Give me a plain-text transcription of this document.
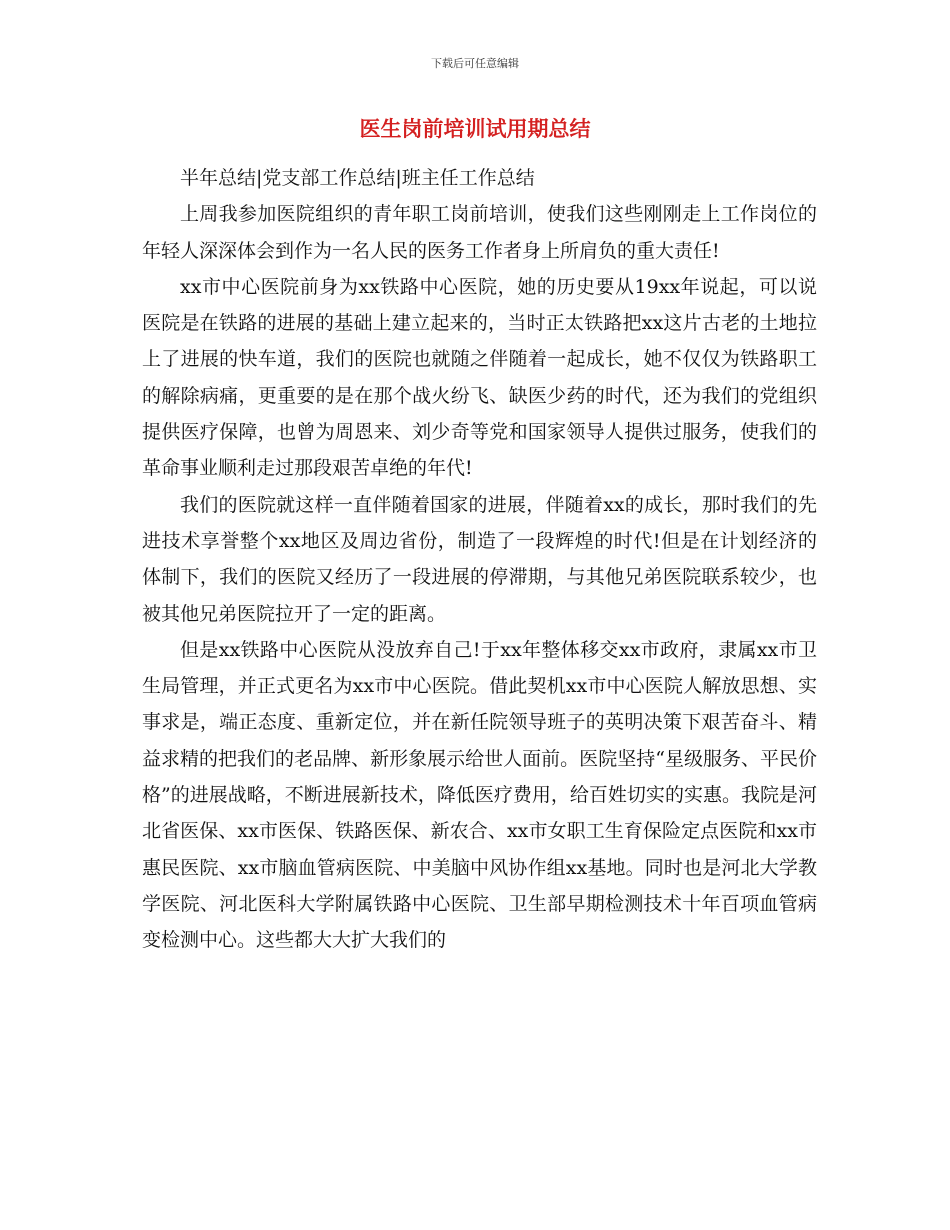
下载后可任意编辑
医生岗前培训试用期总结

半年总结|党支部工作总结|班主任工作总结

上周我参加医院组织的青年职工岗前培训，使我们这些刚刚走上工作岗位的年轻人深深体会到作为一名人民的医务工作者身上所肩负的重大责任!

xx市中心医院前身为xx铁路中心医院，她的历史要从19xx年说起，可以说医院是在铁路的进展的基础上建立起来的，当时正太铁路把xx这片古老的土地拉上了进展的快车道，我们的医院也就随之伴随着一起成长，她不仅仅为铁路职工的解除病痛，更重要的是在那个战火纷飞、缺医少药的时代，还为我们的党组织提供医疗保障，也曾为周恩来、刘少奇等党和国家领导人提供过服务，使我们的革命事业顺利走过那段艰苦卓绝的年代!

我们的医院就这样一直伴随着国家的进展，伴随着xx的成长，那时我们的先进技术享誉整个xx地区及周边省份，制造了一段辉煌的时代!但是在计划经济的体制下，我们的医院又经历了一段进展的停滞期，与其他兄弟医院联系较少，也被其他兄弟医院拉开了一定的距离。

但是xx铁路中心医院从没放弃自己!于xx年整体移交xx市政府，隶属xx市卫生局管理，并正式更名为xx市中心医院。借此契机xx市中心医院人解放思想、实事求是，端正态度、重新定位，并在新任院领导班子的英明决策下艰苦奋斗、精益求精的把我们的老品牌、新形象展示给世人面前。医院坚持“星级服务、平民价格”的进展战略，不断进展新技术，降低医疗费用，给百姓切实的实惠。我院是河北省医保、xx市医保、铁路医保、新农合、xx市女职工生育保险定点医院和xx市惠民医院、xx市脑血管病医院、中美脑中风协作组xx基地。同时也是河北大学教学医院、河北医科大学附属铁路中心医院、卫生部早期检测技术十年百项血管病变检测中心。这些都大大扩大我们的
